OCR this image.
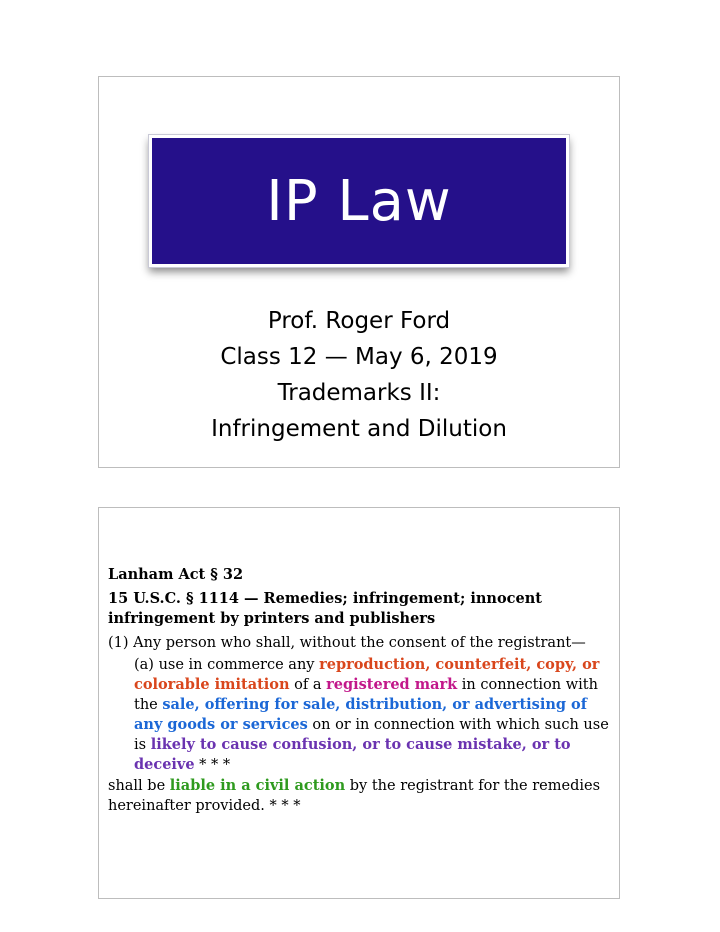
IP Law
Prof. Roger Ford
Class 12 — May 6, 2019
Trademarks II:
Infringement and Dilution
Lanham Act § 32
15 U.S.C. § 1114 — Remedies; infringement; innocent infringement by printers and publishers
(1) Any person who shall, without the consent of the registrant—
(a) use in commerce any reproduction, counterfeit, copy, or colorable imitation of a registered mark in connection with the sale, offering for sale, distribution, or advertising of any goods or services on or in connection with which such use is likely to cause confusion, or to cause mistake, or to deceive * * *
shall be liable in a civil action by the registrant for the remedies hereinafter provided. * * *
